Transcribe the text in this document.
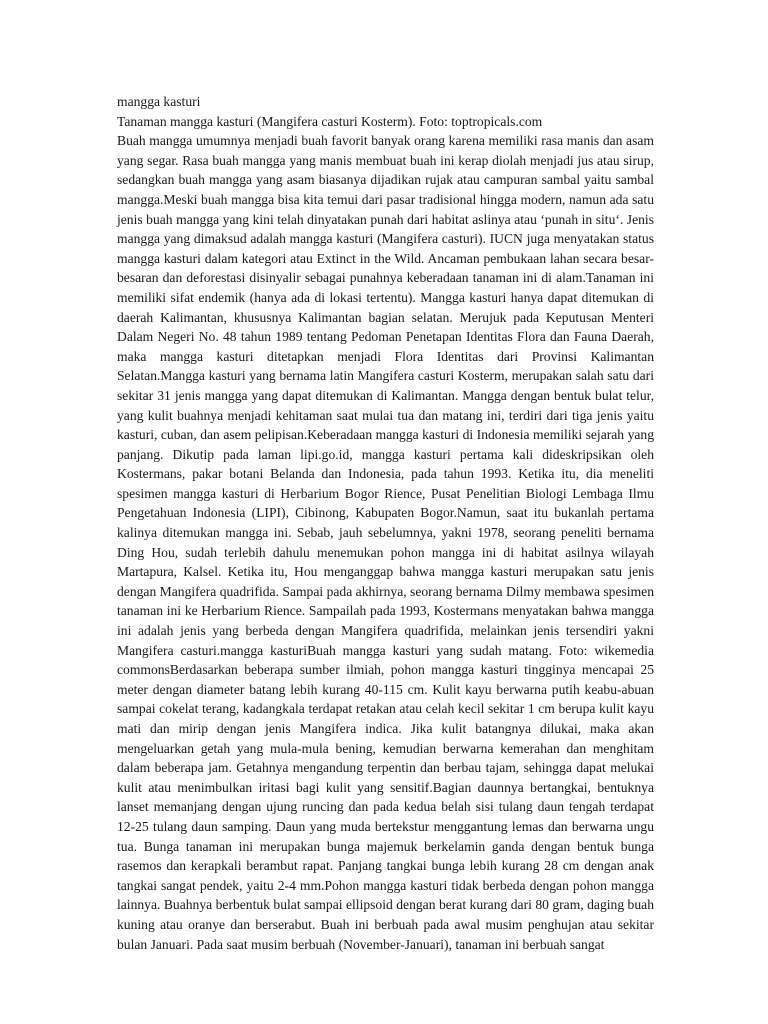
mangga kasturi

Tanaman mangga kasturi (Mangifera casturi Kosterm). Foto: toptropicals.com

Buah mangga umumnya menjadi buah favorit banyak orang karena memiliki rasa manis dan asam yang segar. Rasa buah mangga yang manis membuat buah ini kerap diolah menjadi jus atau sirup, sedangkan buah mangga yang asam biasanya dijadikan rujak atau campuran sambal yaitu sambal mangga.Meski buah mangga bisa kita temui dari pasar tradisional hingga modern, namun ada satu jenis buah mangga yang kini telah dinyatakan punah dari habitat aslinya atau ‘punah in situ‘. Jenis mangga yang dimaksud adalah mangga kasturi (Mangifera casturi). IUCN juga menyatakan status mangga kasturi dalam kategori atau Extinct in the Wild. Ancaman pembukaan lahan secara besar-besaran dan deforestasi disinyalir sebagai punahnya keberadaan tanaman ini di alam.Tanaman ini memiliki sifat endemik (hanya ada di lokasi tertentu). Mangga kasturi hanya dapat ditemukan di daerah Kalimantan, khususnya Kalimantan bagian selatan. Merujuk pada Keputusan Menteri Dalam Negeri No. 48 tahun 1989 tentang Pedoman Penetapan Identitas Flora dan Fauna Daerah, maka mangga kasturi ditetapkan menjadi Flora Identitas dari Provinsi Kalimantan Selatan.Mangga kasturi yang bernama latin Mangifera casturi Kosterm, merupakan salah satu dari sekitar 31 jenis mangga yang dapat ditemukan di Kalimantan. Mangga dengan bentuk bulat telur, yang kulit buahnya menjadi kehitaman saat mulai tua dan matang ini, terdiri dari tiga jenis yaitu kasturi, cuban, dan asem pelipisan.Keberadaan mangga kasturi di Indonesia memiliki sejarah yang panjang. Dikutip pada laman lipi.go.id, mangga kasturi pertama kali dideskripsikan oleh Kostermans, pakar botani Belanda dan Indonesia, pada tahun 1993. Ketika itu, dia meneliti spesimen mangga kasturi di Herbarium Bogor Rience, Pusat Penelitian Biologi Lembaga Ilmu Pengetahuan Indonesia (LIPI), Cibinong, Kabupaten Bogor.Namun, saat itu bukanlah pertama kalinya ditemukan mangga ini. Sebab, jauh sebelumnya, yakni 1978, seorang peneliti bernama Ding Hou, sudah terlebih dahulu menemukan pohon mangga ini di habitat asilnya wilayah Martapura, Kalsel. Ketika itu, Hou menganggap bahwa mangga kasturi merupakan satu jenis dengan Mangifera quadrifida. Sampai pada akhirnya, seorang bernama Dilmy membawa spesimen tanaman ini ke Herbarium Rience. Sampailah pada 1993, Kostermans menyatakan bahwa mangga ini adalah jenis yang berbeda dengan Mangifera quadrifida, melainkan jenis tersendiri yakni Mangifera casturi.mangga kasturiBuah mangga kasturi yang sudah matang. Foto: wikemedia commonsBerdasarkan beberapa sumber ilmiah, pohon mangga kasturi tingginya mencapai 25 meter dengan diameter batang lebih kurang 40-115 cm. Kulit kayu berwarna putih keabu-abuan sampai cokelat terang, kadangkala terdapat retakan atau celah kecil sekitar 1 cm berupa kulit kayu mati dan mirip dengan jenis Mangifera indica. Jika kulit batangnya dilukai, maka akan mengeluarkan getah yang mula-mula bening, kemudian berwarna kemerahan dan menghitam dalam beberapa jam. Getahnya mengandung terpentin dan berbau tajam, sehingga dapat melukai kulit atau menimbulkan iritasi bagi kulit yang sensitif.Bagian daunnya bertangkai, bentuknya lanset memanjang dengan ujung runcing dan pada kedua belah sisi tulang daun tengah terdapat 12-25 tulang daun samping. Daun yang muda bertekstur menggantung lemas dan berwarna ungu tua. Bunga tanaman ini merupakan bunga majemuk berkelamin ganda dengan bentuk bunga rasemos dan kerapkali berambut rapat. Panjang tangkai bunga lebih kurang 28 cm dengan anak tangkai sangat pendek, yaitu 2-4 mm.Pohon mangga kasturi tidak berbeda dengan pohon mangga lainnya. Buahnya berbentuk bulat sampai ellipsoid dengan berat kurang dari 80 gram, daging buah kuning atau oranye dan berserabut. Buah ini berbuah pada awal musim penghujan atau sekitar bulan Januari. Pada saat musim berbuah (November-Januari), tanaman ini berbuah sangat
